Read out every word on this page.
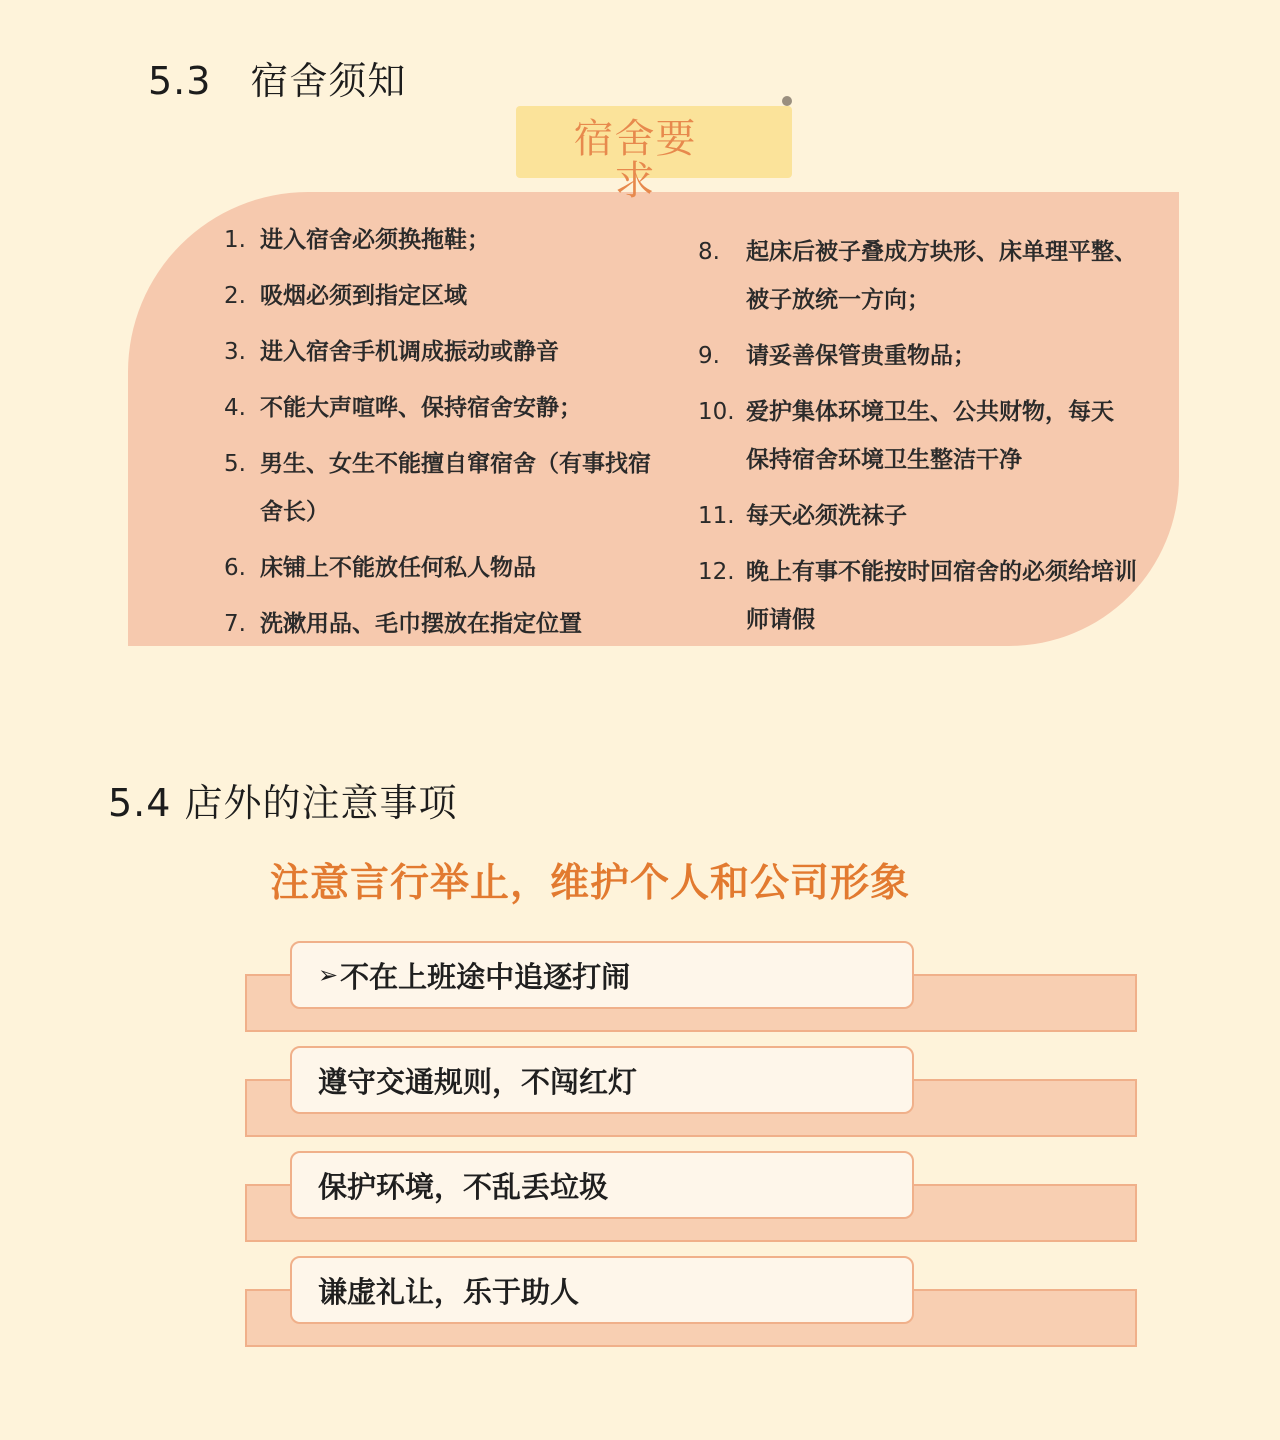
5.3　宿舍须知
宿舍要求
1. 进入宿舍必须换拖鞋；
2. 吸烟必须到指定区域
3. 进入宿舍手机调成振动或静音
4. 不能大声喧哗、保持宿舍安静；
5. 男生、女生不能擅自窜宿舍（有事找宿舍长）
6. 床铺上不能放任何私人物品
7. 洗漱用品、毛巾摆放在指定位置
8. 起床后被子叠成方块形、床单理平整、被子放统一方向；
9. 请妥善保管贵重物品；
10. 爱护集体环境卫生、公共财物，每天保持宿舍环境卫生整洁干净
11. 每天必须洗袜子
12. 晚上有事不能按时回宿舍的必须给培训师请假
5.4 店外的注意事项
注意言行举止，维护个人和公司形象
➢ 不在上班途中追逐打闹
遵守交通规则，不闯红灯
保护环境，不乱丢垃圾
谦虚礼让，乐于助人
